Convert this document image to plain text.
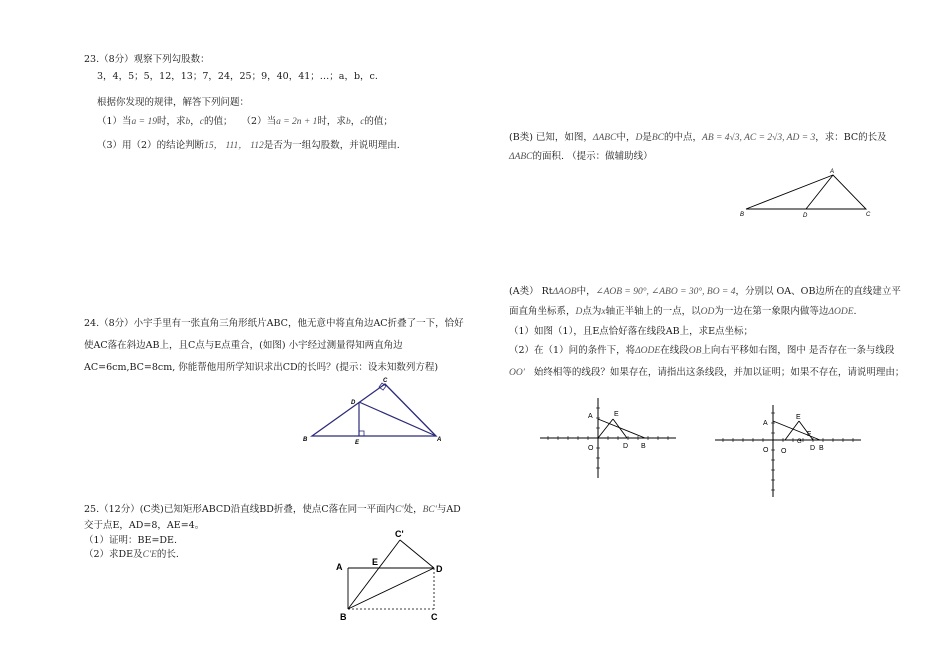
23.（8分）观察下列勾股数：
3，4，5；5，12，13；7，24，25；9，40，41；…；a，b，c.
根据你发现的规律，解答下列问题：
（1）当a = 19时，求b，c的值； （2）当a = 2n + 1时，求b，c的值；
（3）用（2）的结论判断15， 111， 112是否为一组勾股数，并说明理由.
24.（8分）小宇手里有一张直角三角形纸片ABC，他无意中将直角边AC折叠了一下，恰好
使AC落在斜边AB上，且C点与E点重合，(如图) 小宇经过测量得知两直角边
AC=6cm,BC=8cm, 你能帮他用所学知识求出CD的长吗？(提示：设未知数列方程)
B	A
C
D
E
25.（12分）(C类)已知矩形ABCD沿直线BD折叠，使点C落在同一平面内C′处，BC′与AD
交于点E，AD=8，AE=4。
（1）证明：BE=DE.
（2）求DE及C′E的长.
C'
A	E
D
B	C
(B类) 已知，如图，ΔABC中，D是BC的中点，AB = 4√3, AC = 2√3, AD = 3，求：BC的长及
ΔABC的面积. （提示：做辅助线）
A
B	D	C
(A类） RtΔAOB中，∠AOB = 90°, ∠ABO = 30°, BO = 4，分别以 OA、OB边所在的直线建立平
面直角坐标系，D点为x轴正半轴上的一点，以OD为一边在第一象限内做等边ΔODE.
（1）如图（1），且E点恰好落在线段AB上，求E点坐标；
（2）在（1）问的条件下，将ΔODE在线段OB上向右平移如右图，图中 是否存在一条与线段
OO′ 始终相等的线段？如果存在，请指出这条线段，并加以证明；如果不存在，请说明理由；
A	E
O	D B
A
E
F
G
O O	D B
